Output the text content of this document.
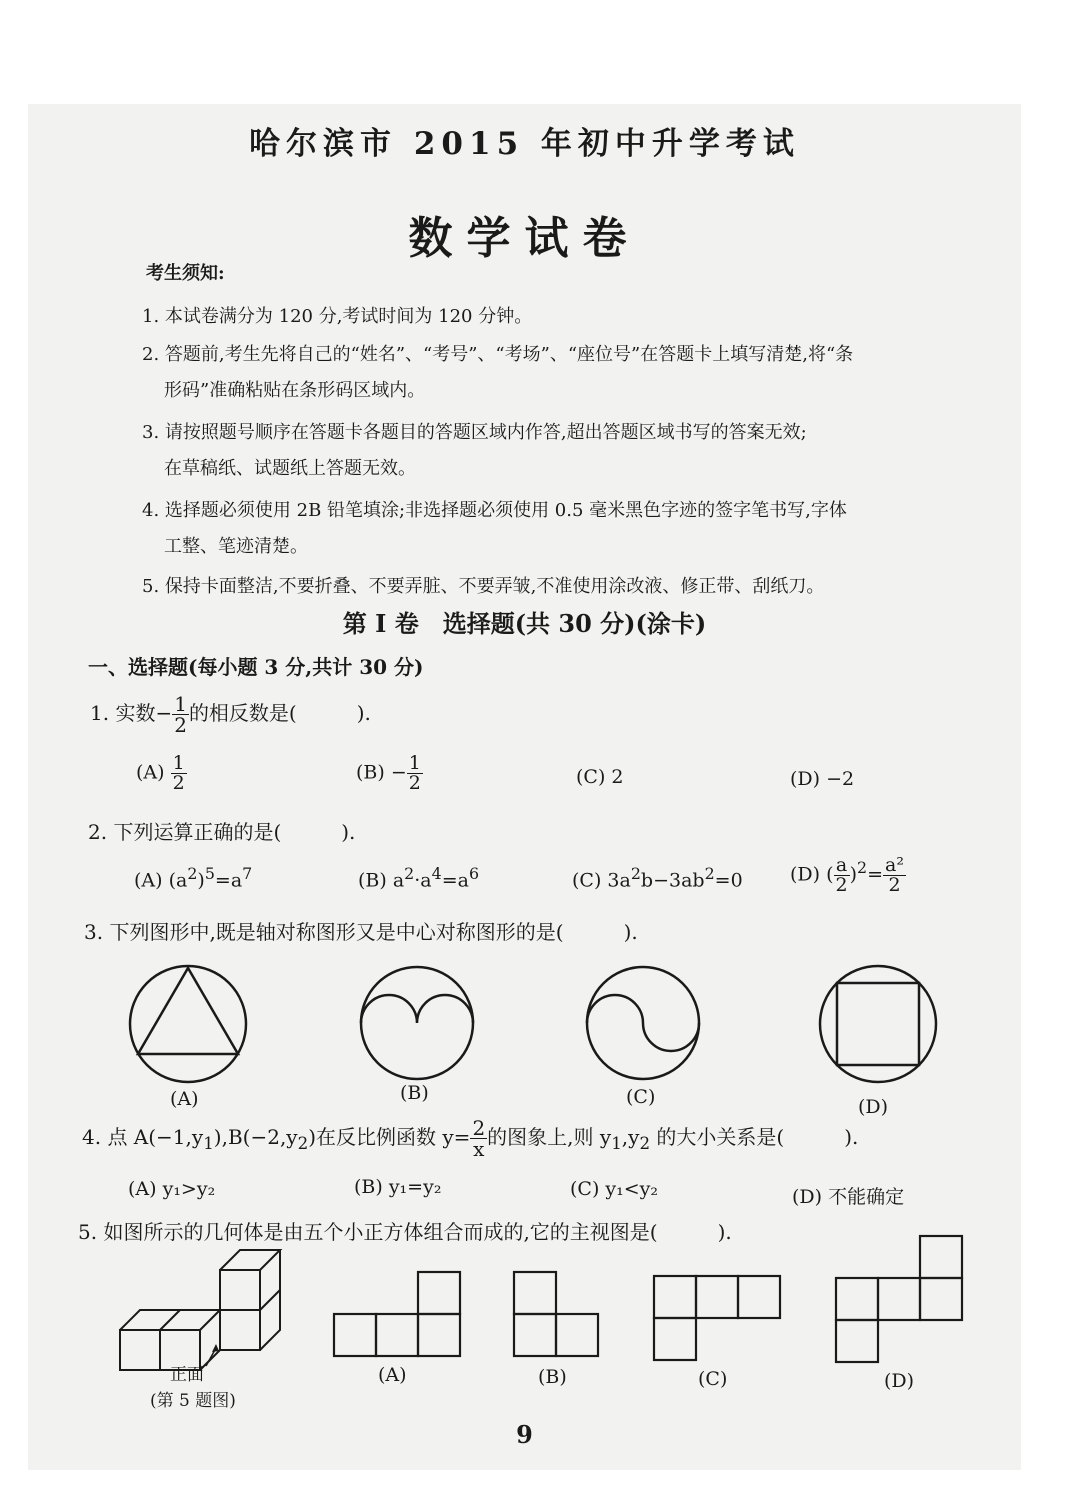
哈尔滨市 2015 年初中升学考试
数学试卷
考生须知:
1. 本试卷满分为 120 分,考试时间为 120 分钟。
2. 答题前,考生先将自己的“姓名”、“考号”、“考场”、“座位号”在答题卡上填写清楚,将“条
形码”准确粘贴在条形码区域内。
3. 请按照题号顺序在答题卡各题目的答题区域内作答,超出答题区域书写的答案无效;
在草稿纸、试题纸上答题无效。
4. 选择题必须使用 2B 铅笔填涂;非选择题必须使用 0.5 毫米黑色字迹的签字笔书写,字体
工整、笔迹清楚。
5. 保持卡面整洁,不要折叠、不要弄脏、不要弄皱,不准使用涂改液、修正带、刮纸刀。
第 I 卷　选择题(共 30 分)(涂卡)
一、选择题(每小题 3 分,共计 30 分)
1. 实数− $\frac{1}{2}$ 的相反数是(　　　).
$(A) \frac{1}{2}$	$(B) - \frac{1}{2}$	(C) 2	(D) −2
2. 下列运算正确的是(　　　).
(A) $(a^2)^5=a^7$	(B) $a^2\cdot a^4=a^6$	(C) $3a^2b-3ab^2=0$ (D) ( $\frac{a}{2} )^2= \frac{\text{a²}}{2}$
3. 下列图形中,既是轴对称图形又是中心对称图形的是(　　　).
(A)	(B)	(C)	(D)
4. 点 $A(-1,y_1),B(-2,y_2)$在反比例函数 $y= \frac{2}{x}$ 的图象上,则 $y_1,y_2$ 的大小关系是(　　　).
(A) y₁>y₂	(B) y₁=y₂	(C) y₁<y₂	(D) 不能确定
5. 如图所示的几何体是由五个小正方体组合而成的,它的主视图是(　　　).
正面
(第 5 题图)
(A)	(B)	(C)	(D)
9
